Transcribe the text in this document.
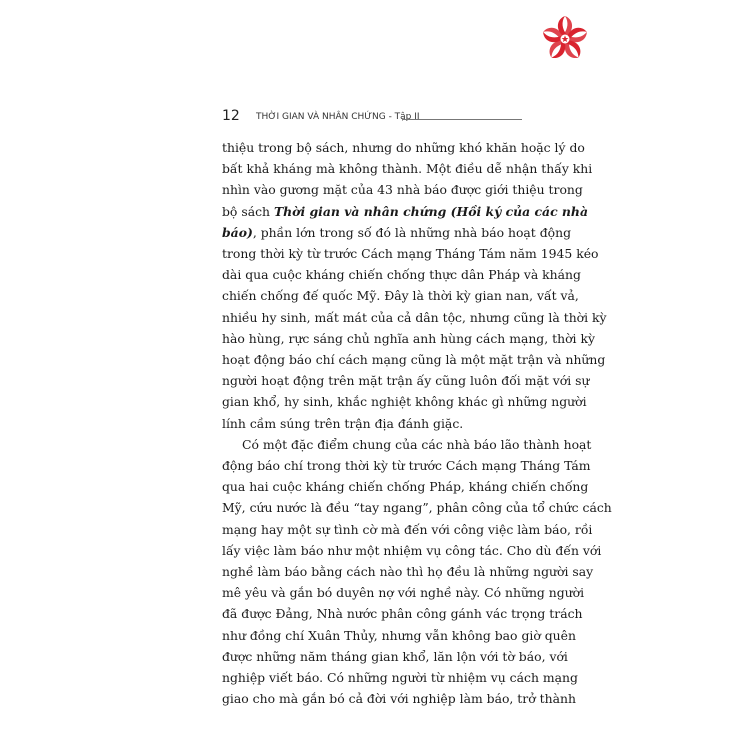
12 THỜI GIAN VÀ NHÂN CHỨNG - Tập II
thiệu trong bộ sách, nhưng do những khó khăn hoặc lý do
bất khả kháng mà không thành. Một điều dễ nhận thấy khi
nhìn vào gương mặt của 43 nhà báo được giới thiệu trong
bộ sách Thời gian và nhân chứng (Hồi ký của các nhà
báo), phần lớn trong số đó là những nhà báo hoạt động
trong thời kỳ từ trước Cách mạng Tháng Tám năm 1945 kéo
dài qua cuộc kháng chiến chống thực dân Pháp và kháng
chiến chống đế quốc Mỹ. Đây là thời kỳ gian nan, vất vả,
nhiều hy sinh, mất mát của cả dân tộc, nhưng cũng là thời kỳ
hào hùng, rực sáng chủ nghĩa anh hùng cách mạng, thời kỳ
hoạt động báo chí cách mạng cũng là một mặt trận và những
người hoạt động trên mặt trận ấy cũng luôn đối mặt với sự
gian khổ, hy sinh, khắc nghiệt không khác gì những người
lính cầm súng trên trận địa đánh giặc.
Có một đặc điểm chung của các nhà báo lão thành hoạt
động báo chí trong thời kỳ từ trước Cách mạng Tháng Tám
qua hai cuộc kháng chiến chống Pháp, kháng chiến chống
Mỹ, cứu nước là đều “tay ngang”, phân công của tổ chức cách
mạng hay một sự tình cờ mà đến với công việc làm báo, rồi
lấy việc làm báo như một nhiệm vụ công tác. Cho dù đến với
nghề làm báo bằng cách nào thì họ đều là những người say
mê yêu và gắn bó duyên nợ với nghề này. Có những người
đã được Đảng, Nhà nước phân công gánh vác trọng trách
như đồng chí Xuân Thủy, nhưng vẫn không bao giờ quên
được những năm tháng gian khổ, lăn lộn với tờ báo, với
nghiệp viết báo. Có những người từ nhiệm vụ cách mạng
giao cho mà gắn bó cả đời với nghiệp làm báo, trở thành
